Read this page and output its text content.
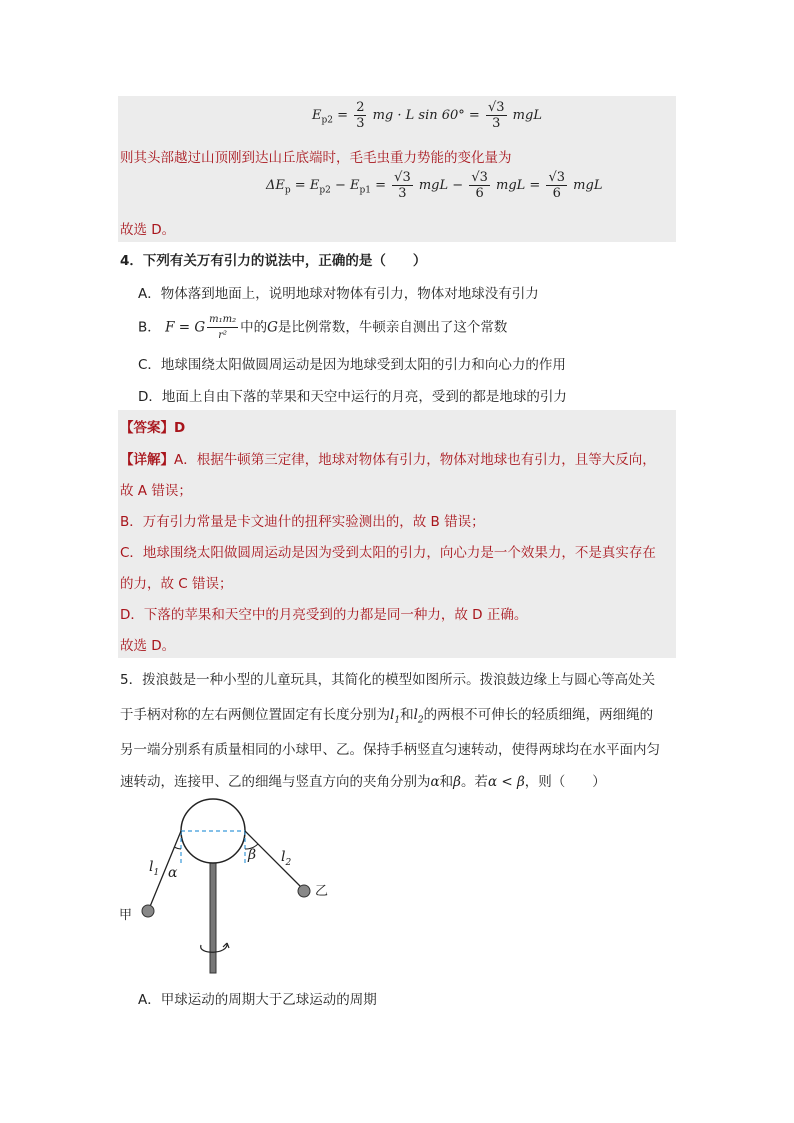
$E_{p2} = \frac{2}{3}$ mg · L $\sin 60^\circ = \frac{√3}{3}$ mgL
则其头部越过山顶刚到达山丘底端时，毛毛虫重力势能的变化量为
$\Delta E_p = E_{p2} - E_{p1} = \frac{√3}{3}$ mgL − $\frac{√3}{6}$ mgL = $\frac{√3}{6}$ mgL
故选 D。
4．下列有关万有引力的说法中，正确的是（　　）
A．物体落到地面上，说明地球对物体有引力，物体对地球没有引力
B． F = G $\frac{\text{m₁m₂}}{\text{r²}}$ 中的G是比例常数，牛顿亲自测出了这个常数
C．地球围绕太阳做圆周运动是因为地球受到太阳的引力和向心力的作用
D．地面上自由下落的苹果和天空中运行的月亮，受到的都是地球的引力
【答案】D
【详解】A．根据牛顿第三定律，地球对物体有引力，物体对地球也有引力，且等大反向，
故 A 错误；
B．万有引力常量是卡文迪什的扭秤实验测出的，故 B 错误；
C．地球围绕太阳做圆周运动是因为受到太阳的引力，向心力是一个效果力，不是真实存在
的力，故 C 错误；
D．下落的苹果和天空中的月亮受到的力都是同一种力，故 D 正确。
故选 D。
5．拨浪鼓是一种小型的儿童玩具，其简化的模型如图所示。拨浪鼓边缘上与圆心等高处关
于手柄对称的左右两侧位置固定有长度分别为$l_1$和$l_2$的两根不可伸长的轻质细绳，两细绳的
另一端分别系有质量相同的小球甲、乙。保持手柄竖直匀速转动，使得两球均在水平面内匀
速转动，连接甲、乙的细绳与竖直方向的夹角分别为α和β。若α < β，则（　　）
$l_1$ α
β $l_2$
甲
乙
A．甲球运动的周期大于乙球运动的周期
